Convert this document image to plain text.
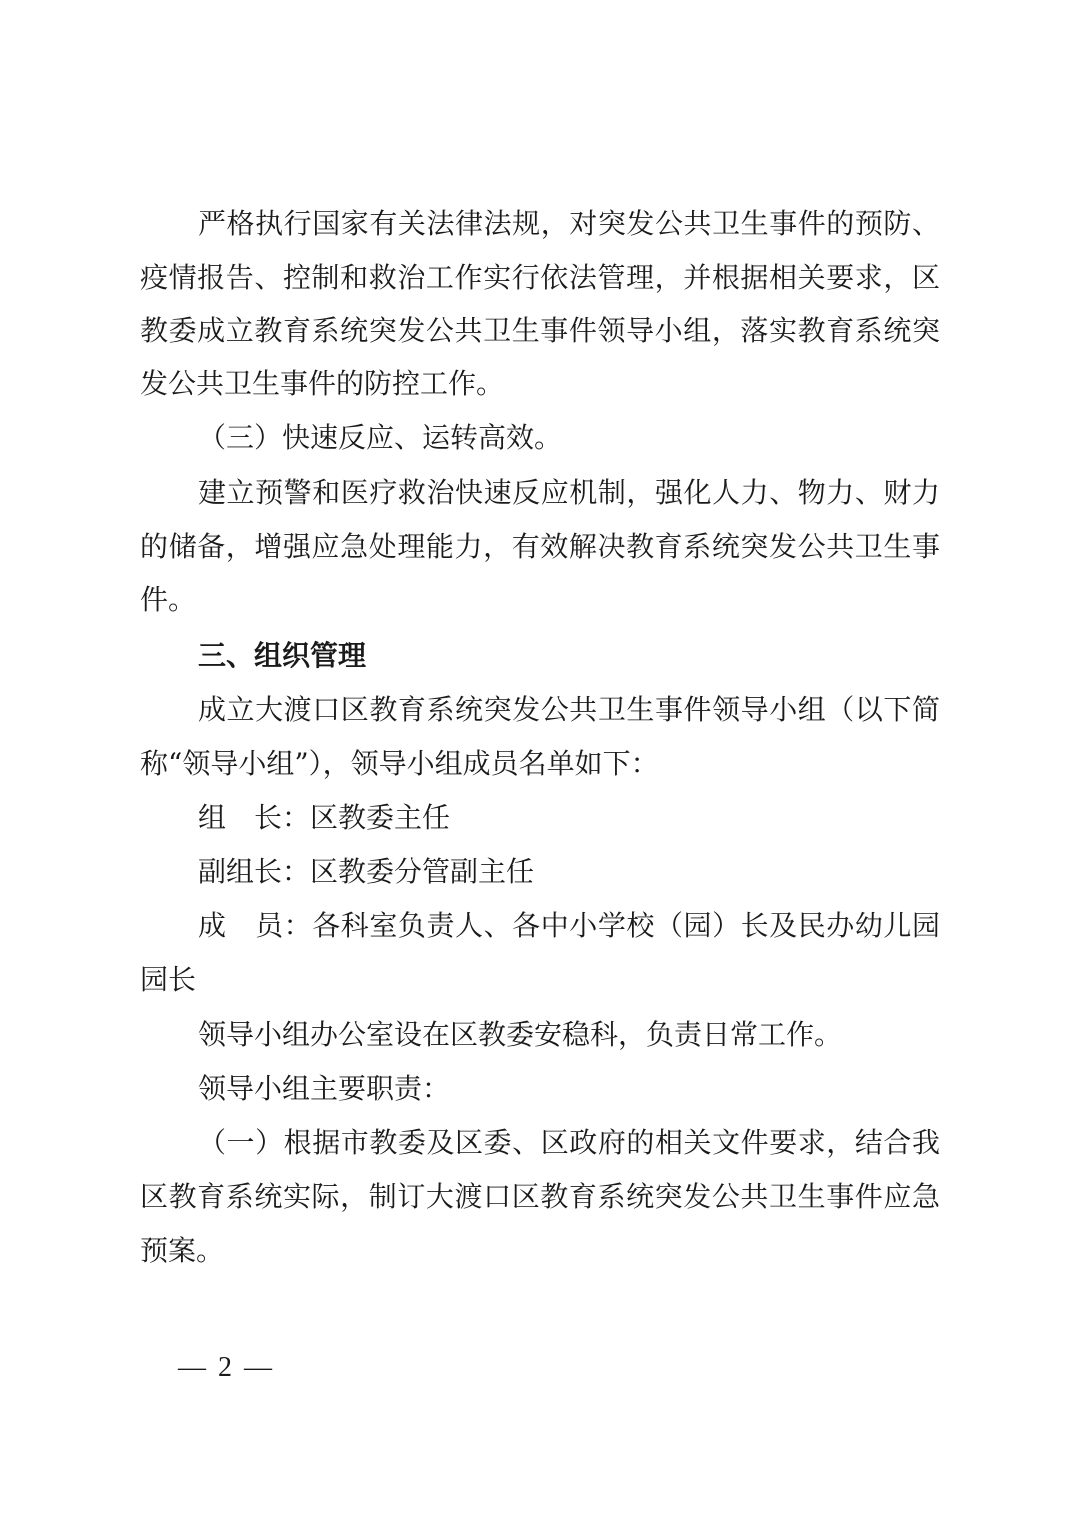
严格执行国家有关法律法规，对突发公共卫生事件的预防、
疫情报告、控制和救治工作实行依法管理，并根据相关要求，区
教委成立教育系统突发公共卫生事件领导小组，落实教育系统突
发公共卫生事件的防控工作。
（三）快速反应、运转高效。
建立预警和医疗救治快速反应机制，强化人力、物力、财力
的储备，增强应急处理能力，有效解决教育系统突发公共卫生事
件。
三、组织管理
成立大渡口区教育系统突发公共卫生事件领导小组（以下简
称“领导小组”），领导小组成员名单如下：
组　长：区教委主任
副组长：区教委分管副主任
成　员：各科室负责人、各中小学校（园）长及民办幼儿园
园长
领导小组办公室设在区教委安稳科，负责日常工作。
领导小组主要职责：
（一）根据市教委及区委、区政府的相关文件要求，结合我
区教育系统实际，制订大渡口区教育系统突发公共卫生事件应急
预案。
— 2 —
